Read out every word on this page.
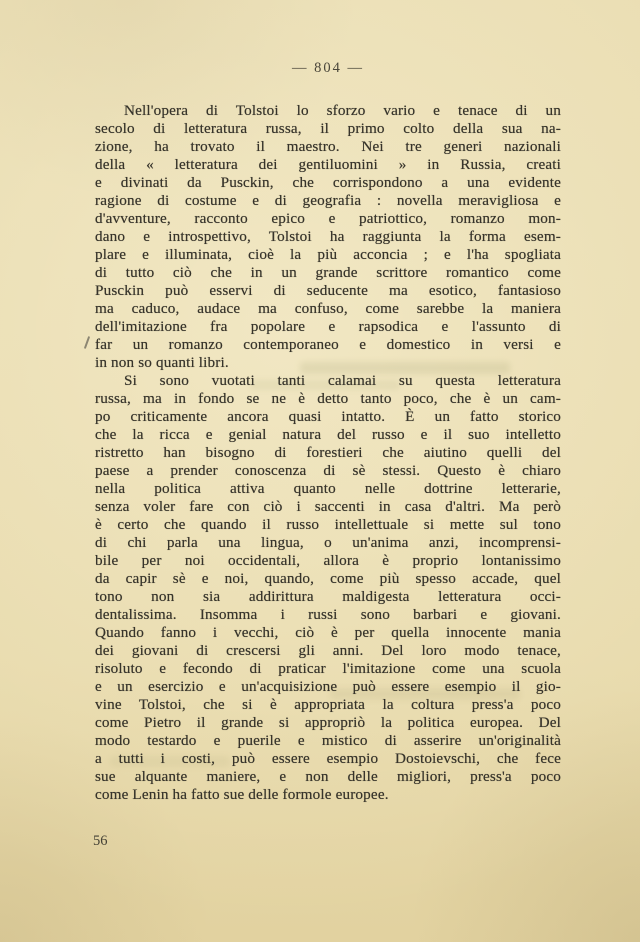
— 804 —
Nell'opera di Tolstoi lo sforzo vario e tenace di un
secolo di letteratura russa, il primo colto della sua na-
zione, ha trovato il maestro. Nei tre generi nazionali
della « letteratura dei gentiluomini » in Russia, creati
e divinati da Pusckin, che corrispondono a una evidente
ragione di costume e di geografia : novella meravigliosa e
d'avventure, racconto epico e patriottico, romanzo mon-
dano e introspettivo, Tolstoi ha raggiunta la forma esem-
plare e illuminata, cioè la più acconcia ; e l'ha spogliata
di tutto ciò che in un grande scrittore romantico come
Pusckin può esservi di seducente ma esotico, fantasioso
ma caduco, audace ma confuso, come sarebbe la maniera
dell'imitazione fra popolare e rapsodica e l'assunto di
far un romanzo contemporaneo e domestico in versi e
in non so quanti libri.
Si sono vuotati tanti calamai su questa letteratura
russa, ma in fondo se ne è detto tanto poco, che è un cam-
po criticamente ancora quasi intatto. È un fatto storico
che la ricca e genial natura del russo e il suo intelletto
ristretto han bisogno di forestieri che aiutino quelli del
paese a prender conoscenza di sè stessi. Questo è chiaro
nella politica attiva quanto nelle dottrine letterarie,
senza voler fare con ciò i saccenti in casa d'altri. Ma però
è certo che quando il russo intellettuale si mette sul tono
di chi parla una lingua, o un'anima anzi, incomprensi-
bile per noi occidentali, allora è proprio lontanissimo
da capir sè e noi, quando, come più spesso accade, quel
tono non sia addirittura maldigesta letteratura occi-
dentalissima. Insomma i russi sono barbari e giovani.
Quando fanno i vecchi, ciò è per quella innocente mania
dei giovani di crescersi gli anni. Del loro modo tenace,
risoluto e fecondo di praticar l'imitazione come una scuola
e un esercizio e un'acquisizione può essere esempio il gio-
vine Tolstoi, che si è appropriata la coltura press'a poco
come Pietro il grande si appropriò la politica europea. Del
modo testardo e puerile e mistico di asserire un'originalità
a tutti i costi, può essere esempio Dostoievschi, che fece
sue alquante maniere, e non delle migliori, press'a poco
come Lenin ha fatto sue delle formole europee.
56
